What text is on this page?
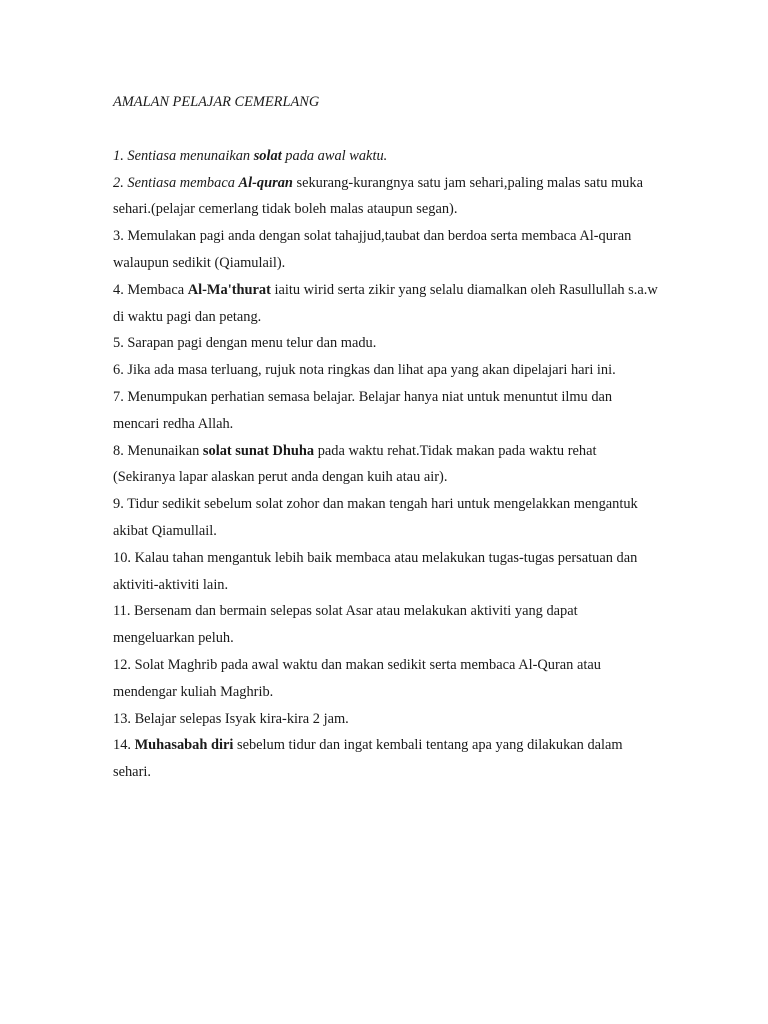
AMALAN PELAJAR CEMERLANG
1. Sentiasa menunaikan solat pada awal waktu.
2. Sentiasa membaca Al-quran sekurang-kurangnya satu jam sehari,paling malas satu muka sehari.(pelajar cemerlang tidak boleh malas ataupun segan).
3. Memulakan pagi anda dengan solat tahajjud,taubat dan berdoa serta membaca Al-quran walaupun sedikit (Qiamulail).
4. Membaca Al-Ma'thurat iaitu wirid serta zikir yang selalu diamalkan oleh Rasullullah s.a.w di waktu pagi dan petang.
5. Sarapan pagi dengan menu telur dan madu.
6. Jika ada masa terluang, rujuk nota ringkas dan lihat apa yang akan dipelajari hari ini.
7. Menumpukan perhatian semasa belajar. Belajar hanya niat untuk menuntut ilmu dan mencari redha Allah.
8. Menunaikan solat sunat Dhuha pada waktu rehat.Tidak makan pada waktu rehat (Sekiranya lapar alaskan perut anda dengan kuih atau air).
9. Tidur sedikit sebelum solat zohor dan makan tengah hari untuk mengelakkan mengantuk akibat Qiamullail.
10. Kalau tahan mengantuk lebih baik membaca atau melakukan tugas-tugas persatuan dan aktiviti-aktiviti lain.
11. Bersenam dan bermain selepas solat Asar atau melakukan aktiviti yang dapat mengeluarkan peluh.
12. Solat Maghrib pada awal waktu dan makan sedikit serta membaca Al-Quran atau mendengar kuliah Maghrib.
13. Belajar selepas Isyak kira-kira 2 jam.
14. Muhasabah diri sebelum tidur dan ingat kembali tentang apa yang dilakukan dalam sehari.
